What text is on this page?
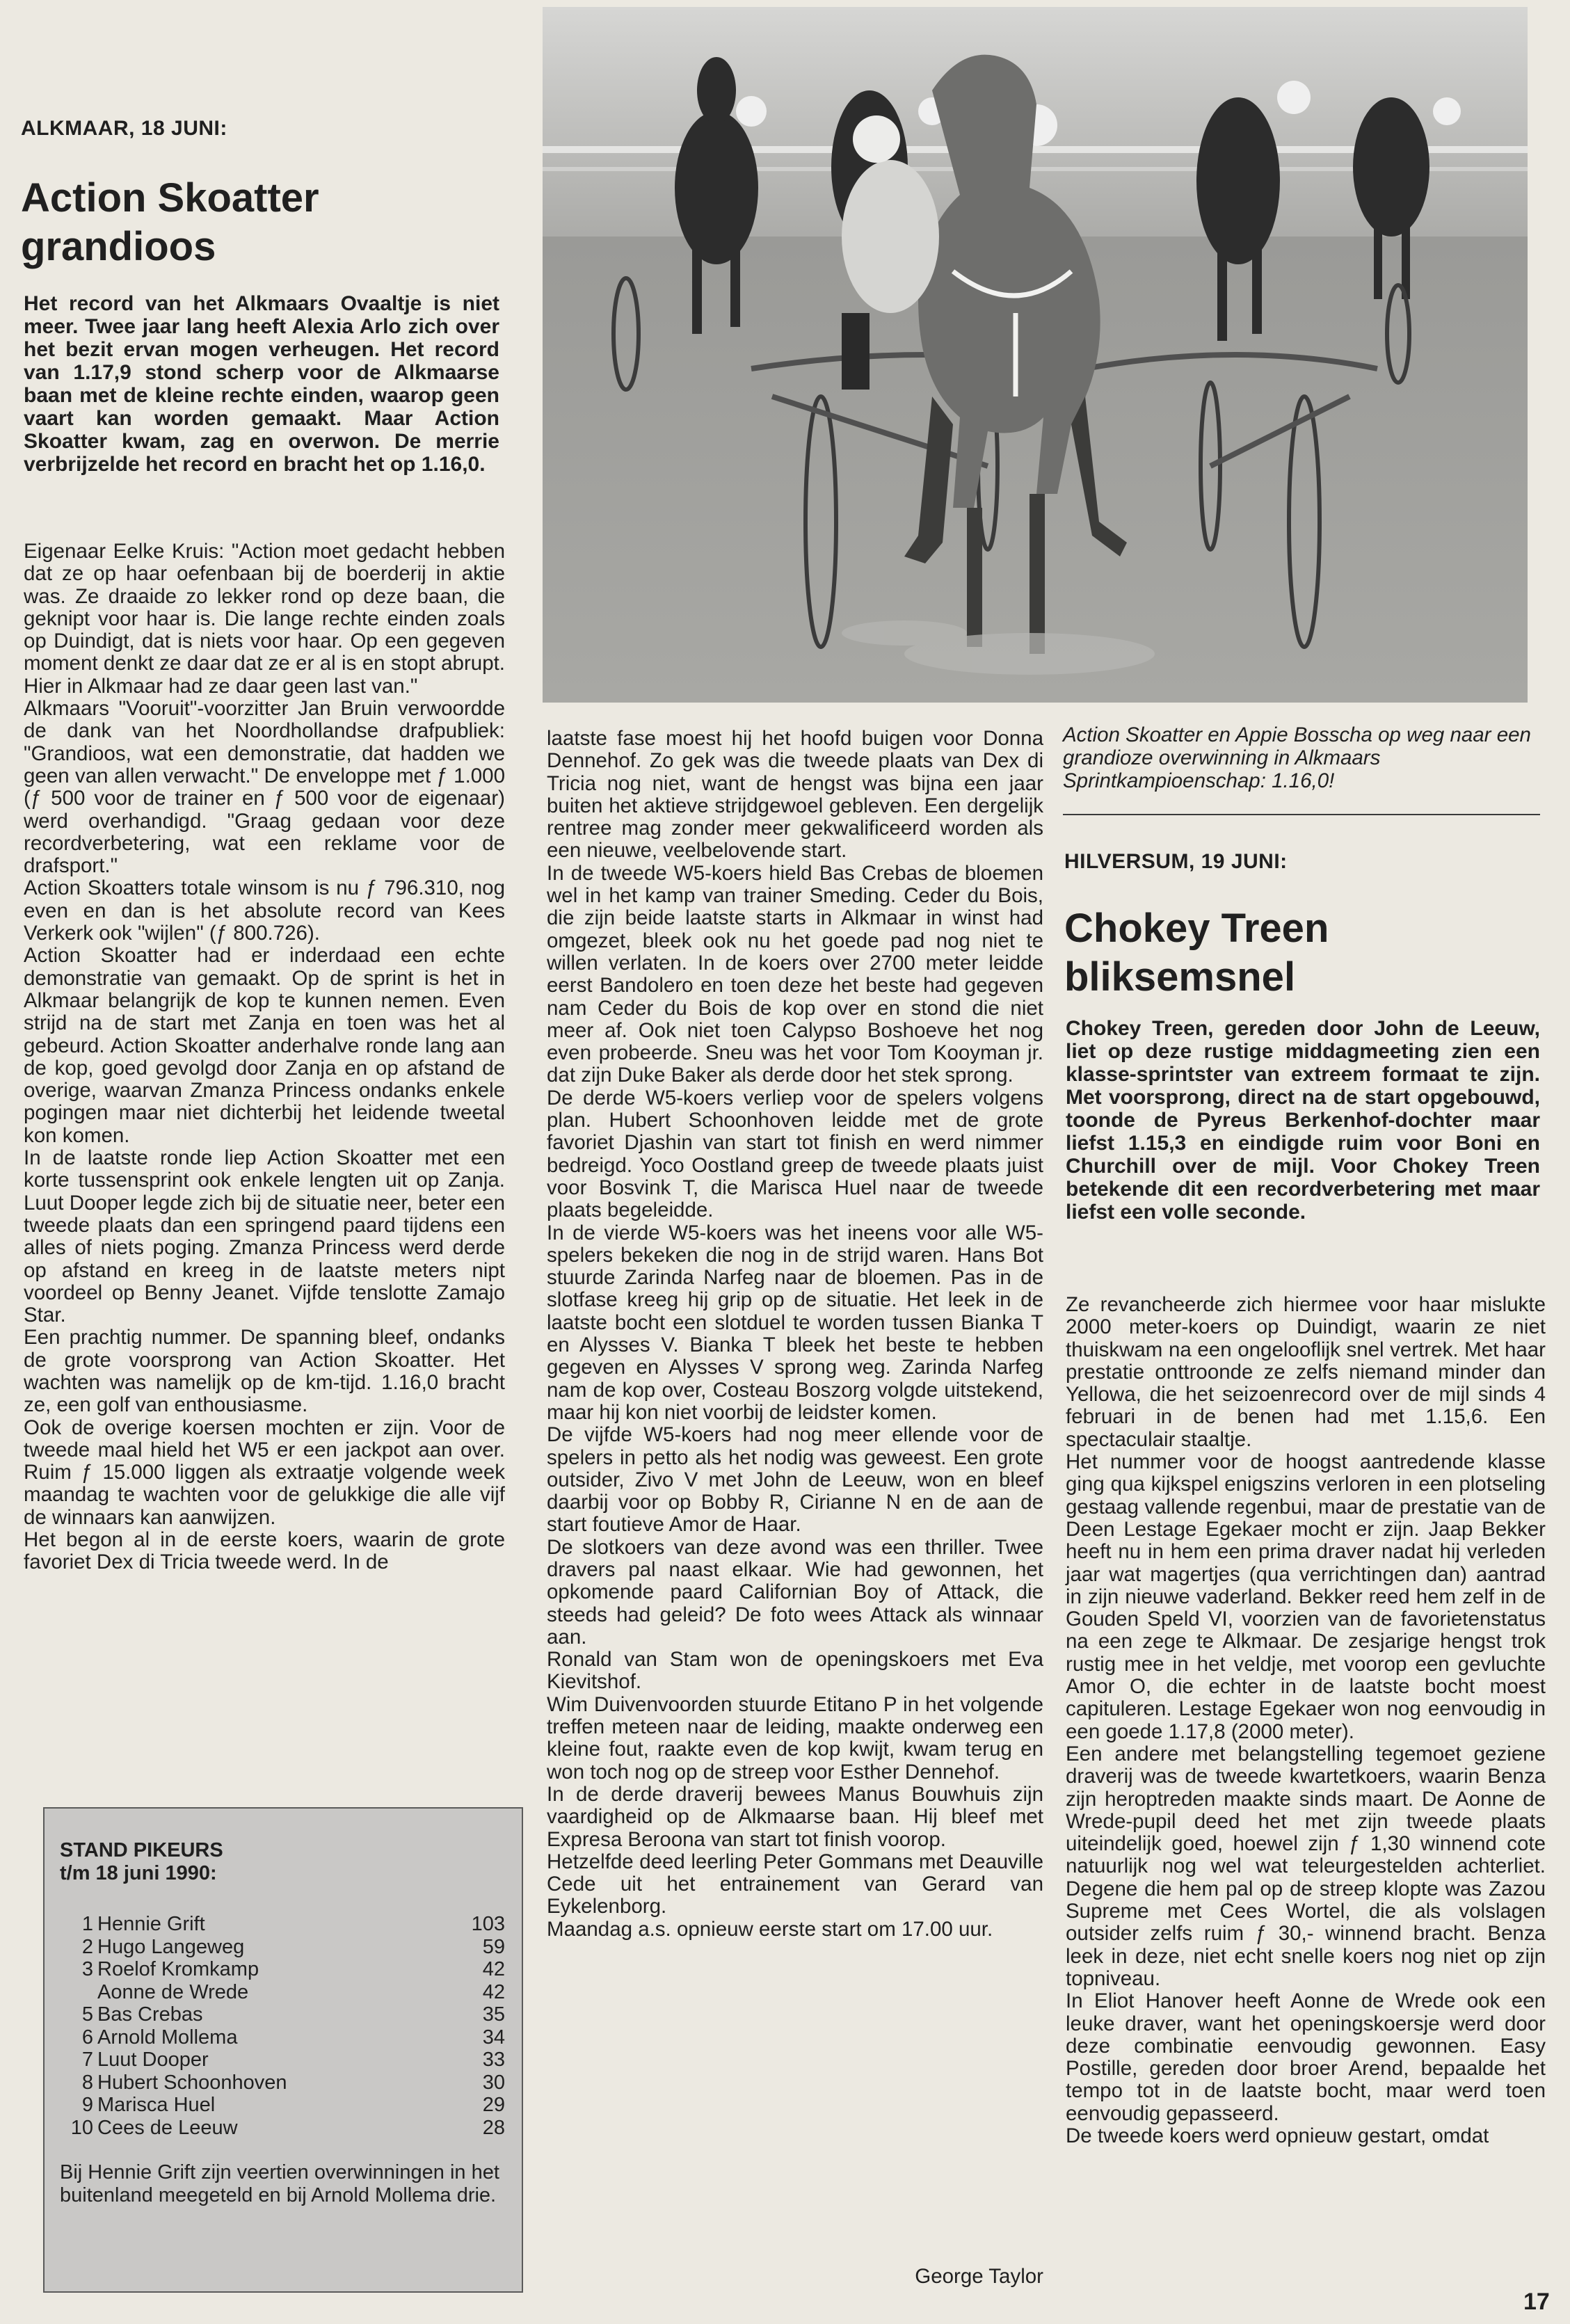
ALKMAAR, 18 JUNI:

Action Skoatter
grandioos

Het record van het Alkmaars Ovaaltje is niet meer. Twee jaar lang heeft Alexia Arlo zich over het bezit ervan mogen verheugen. Het record van 1.17,9 stond scherp voor de Alkmaarse baan met de kleine rechte einden, waarop geen vaart kan worden gemaakt. Maar Action Skoatter kwam, zag en overwon. De merrie verbrijzelde het record en bracht het op 1.16,0.

Eigenaar Eelke Kruis: "Action moet gedacht hebben dat ze op haar oefenbaan bij de boerderij in aktie was. Ze draaide zo lekker rond op deze baan, die geknipt voor haar is. Die lange rechte einden zoals op Duindigt, dat is niets voor haar. Op een gegeven moment denkt ze daar dat ze er al is en stopt abrupt. Hier in Alkmaar had ze daar geen last van."

Alkmaars "Vooruit"-voorzitter Jan Bruin verwoordde de dank van het Noordhollandse drafpubliek: "Grandioos, wat een demonstratie, dat hadden we geen van allen verwacht." De enveloppe met ƒ 1.000 (ƒ 500 voor de trainer en ƒ 500 voor de eigenaar) werd overhandigd. "Graag gedaan voor deze recordverbetering, wat een reklame voor de drafsport."

Action Skoatters totale winsom is nu ƒ 796.310, nog even en dan is het absolute record van Kees Verkerk ook "wijlen" (ƒ 800.726).

Action Skoatter had er inderdaad een echte demonstratie van gemaakt. Op de sprint is het in Alkmaar belangrijk de kop te kunnen nemen. Even strijd na de start met Zanja en toen was het al gebeurd. Action Skoatter anderhalve ronde lang aan de kop, goed gevolgd door Zanja en op afstand de overige, waarvan Zmanza Princess ondanks enkele pogingen maar niet dichterbij het leidende tweetal kon komen.

In de laatste ronde liep Action Skoatter met een korte tussensprint ook enkele lengten uit op Zanja. Luut Dooper legde zich bij de situatie neer, beter een tweede plaats dan een springend paard tijdens een alles of niets poging. Zmanza Princess werd derde op afstand en kreeg in de laatste meters nipt voordeel op Benny Jeanet. Vijfde tenslotte Zamajo Star.

Een prachtig nummer. De spanning bleef, ondanks de grote voorsprong van Action Skoatter. Het wachten was namelijk op de km-tijd. 1.16,0 bracht ze, een golf van enthousiasme.

Ook de overige koersen mochten er zijn. Voor de tweede maal hield het W5 er een jackpot aan over. Ruim ƒ 15.000 liggen als extraatje volgende week maandag te wachten voor de gelukkige die alle vijf de winnaars kan aanwijzen.

Het begon al in de eerste koers, waarin de grote favoriet Dex di Tricia tweede werd. In de

STAND PIKEURS
t/m 18 juni 1990:
1 Hennie Grift	103
2 Hugo Langeweg	59
3 Roelof Kromkamp	42
Aonne de Wrede	42
5 Bas Crebas	35
6 Arnold Mollema	34
7 Luut Dooper	33
8 Hubert Schoonhoven	30
9 Marisca Huel	29
10 Cees de Leeuw	28
Bij Hennie Grift zijn veertien overwinningen in het buitenland meegeteld en bij Arnold Mollema drie.

Action Skoatter en Appie Bosscha op weg naar een grandioze overwinning in Alkmaars Sprintkampioenschap: 1.16,0!

laatste fase moest hij het hoofd buigen voor Donna Dennehof. Zo gek was die tweede plaats van Dex di Tricia nog niet, want de hengst was bijna een jaar buiten het aktieve strijdgewoel gebleven. Een dergelijk rentree mag zonder meer gekwalificeerd worden als een nieuwe, veelbelovende start.

In de tweede W5-koers hield Bas Crebas de bloemen wel in het kamp van trainer Smeding. Ceder du Bois, die zijn beide laatste starts in Alkmaar in winst had omgezet, bleek ook nu het goede pad nog niet te willen verlaten. In de koers over 2700 meter leidde eerst Bandolero en toen deze het beste had gegeven nam Ceder du Bois de kop over en stond die niet meer af. Ook niet toen Calypso Boshoeve het nog even probeerde. Sneu was het voor Tom Kooyman jr. dat zijn Duke Baker als derde door het stek sprong.

De derde W5-koers verliep voor de spelers volgens plan. Hubert Schoonhoven leidde met de grote favoriet Djashin van start tot finish en werd nimmer bedreigd. Yoco Oostland greep de tweede plaats juist voor Bosvink T, die Marisca Huel naar de tweede plaats begeleidde.

In de vierde W5-koers was het ineens voor alle W5-spelers bekeken die nog in de strijd waren. Hans Bot stuurde Zarinda Narfeg naar de bloemen. Pas in de slotfase kreeg hij grip op de situatie. Het leek in de laatste bocht een slotduel te worden tussen Bianka T en Alysses V. Bianka T bleek het beste te hebben gegeven en Alysses V sprong weg. Zarinda Narfeg nam de kop over, Costeau Boszorg volgde uitstekend, maar hij kon niet voorbij de leidster komen.

De vijfde W5-koers had nog meer ellende voor de spelers in petto als het nodig was geweest. Een grote outsider, Zivo V met John de Leeuw, won en bleef daarbij voor op Bobby R, Cirianne N en de aan de start foutieve Amor de Haar.

De slotkoers van deze avond was een thriller. Twee dravers pal naast elkaar. Wie had gewonnen, het opkomende paard Californian Boy of Attack, die steeds had geleid? De foto wees Attack als winnaar aan.

Ronald van Stam won de openingskoers met Eva Kievitshof.

Wim Duivenvoorden stuurde Etitano P in het volgende treffen meteen naar de leiding, maakte onderweg een kleine fout, raakte even de kop kwijt, kwam terug en won toch nog op de streep voor Esther Dennehof.

In de derde draverij bewees Manus Bouwhuis zijn vaardigheid op de Alkmaarse baan. Hij bleef met Expresa Beroona van start tot finish voorop.

Hetzelfde deed leerling Peter Gommans met Deauville Cede uit het entrainement van Gerard van Eykelenborg.

Maandag a.s. opnieuw eerste start om 17.00 uur.

George Taylor

HILVERSUM, 19 JUNI:

Chokey Treen
bliksemsnel

Chokey Treen, gereden door John de Leeuw, liet op deze rustige middagmeeting zien een klasse-sprintster van extreem formaat te zijn. Met voorsprong, direct na de start opgebouwd, toonde de Pyreus Berkenhof-dochter maar liefst 1.15,3 en eindigde ruim voor Boni en Churchill over de mijl. Voor Chokey Treen betekende dit een recordverbetering met maar liefst een volle seconde.

Ze revancheerde zich hiermee voor haar mislukte 2000 meter-koers op Duindigt, waarin ze niet thuiskwam na een ongelooflijk snel vertrek. Met haar prestatie onttroonde ze zelfs niemand minder dan Yellowa, die het seizoenrecord over de mijl sinds 4 februari in de benen had met 1.15,6. Een spectaculair staaltje.

Het nummer voor de hoogst aantredende klasse ging qua kijkspel enigszins verloren in een plotseling gestaag vallende regenbui, maar de prestatie van de Deen Lestage Egekaer mocht er zijn. Jaap Bekker heeft nu in hem een prima draver nadat hij verleden jaar wat magertjes (qua verrichtingen dan) aantrad in zijn nieuwe vaderland. Bekker reed hem zelf in de Gouden Speld VI, voorzien van de favorietenstatus na een zege te Alkmaar. De zesjarige hengst trok rustig mee in het veldje, met voorop een gevluchte Amor O, die echter in de laatste bocht moest capituleren. Lestage Egekaer won nog eenvoudig in een goede 1.17,8 (2000 meter).

Een andere met belangstelling tegemoet geziene draverij was de tweede kwartetkoers, waarin Benza zijn heroptreden maakte sinds maart. De Aonne de Wrede-pupil deed het met zijn tweede plaats uiteindelijk goed, hoewel zijn ƒ 1,30 winnend cote natuurlijk nog wel wat teleurgestelden achterliet. Degene die hem pal op de streep klopte was Zazou Supreme met Cees Wortel, die als volslagen outsider zelfs ruim ƒ 30,- winnend bracht. Benza leek in deze, niet echt snelle koers nog niet op zijn topniveau.

In Eliot Hanover heeft Aonne de Wrede ook een leuke draver, want het openingskoersje werd door deze combinatie eenvoudig gewonnen. Easy Postille, gereden door broer Arend, bepaalde het tempo tot in de laatste bocht, maar werd toen eenvoudig gepasseerd.

De tweede koers werd opnieuw gestart, omdat

17
